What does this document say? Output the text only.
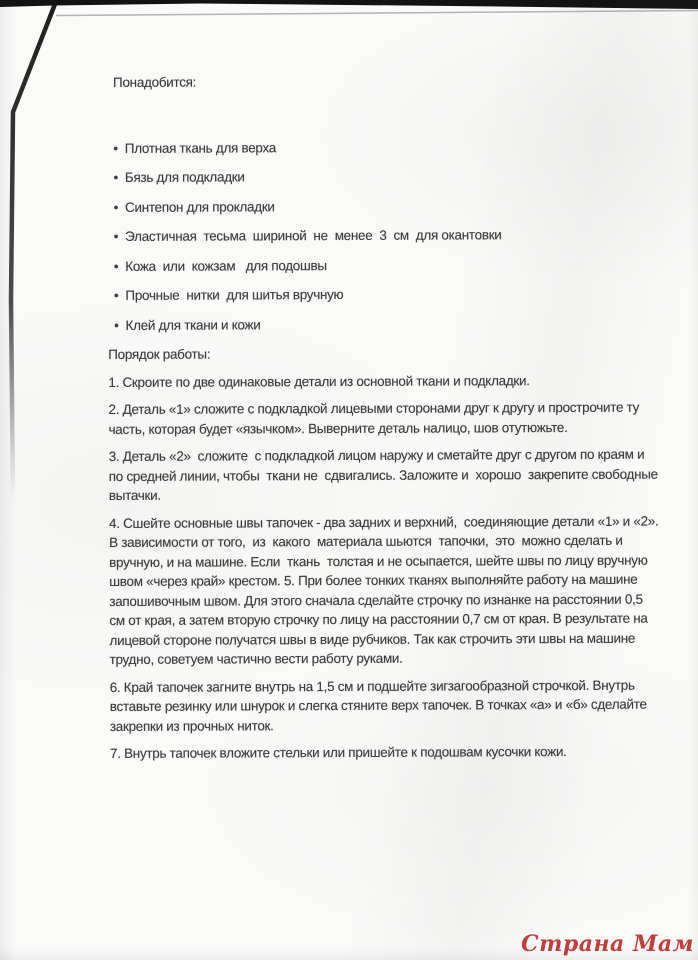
Понадобится:

• Плотная ткань для верха
• Бязь для подкладки
• Синтепон для прокладки
• Эластичная  тесьма  шириной  не  менее  3  см  для окантовки
• Кожа  или  кожзам   для подошвы
• Прочные  нитки  для шитья вручную
• Клей для ткани и кожи

Порядок работы:

1. Скроите по две одинаковые детали из основной ткани и подкладки.

2. Деталь «1» сложите с подкладкой лицевыми сторонами друг к другу и прострочите ту часть, которая будет «язычком». Выверните деталь налицо, шов отутюжьте.

3. Деталь «2»  сложите  с подкладкой лицом наружу и сметайте друг с другом по краям и по средней линии, чтобы  ткани не  сдвигались. Заложите и  хорошо  закрепите свободные вытачки.

4. Сшейте основные швы тапочек - два задних и верхний,  соединяющие детали «1» и «2». В зависимости от того,  из  какого  материала шьются  тапочки,  это  можно сделать и  вручную, и на машине. Если  ткань  толстая и не осыпается, шейте швы по лицу вручную швом «через край» крестом. 5. При более тонких тканях выполняйте работу на машине запошивочным швом. Для этого сначала сделайте строчку по изнанке на расстоянии 0,5 см от края, а затем вторую строчку по лицу на расстоянии 0,7 см от края. В результате на лицевой стороне получатся швы в виде рубчиков. Так как строчить эти швы на машине трудно, советуем частично вести работу руками.

6. Край тапочек загните внутрь на 1,5 см и подшейте зигзагообразной строчкой. Внутрь вставьте резинку или шнурок и слегка стяните верх тапочек. В точках «а» и «б» сделайте закрепки из прочных ниток.

7. Внутрь тапочек вложите стельки или пришейте к подошвам кусочки кожи.

Страна Мам
